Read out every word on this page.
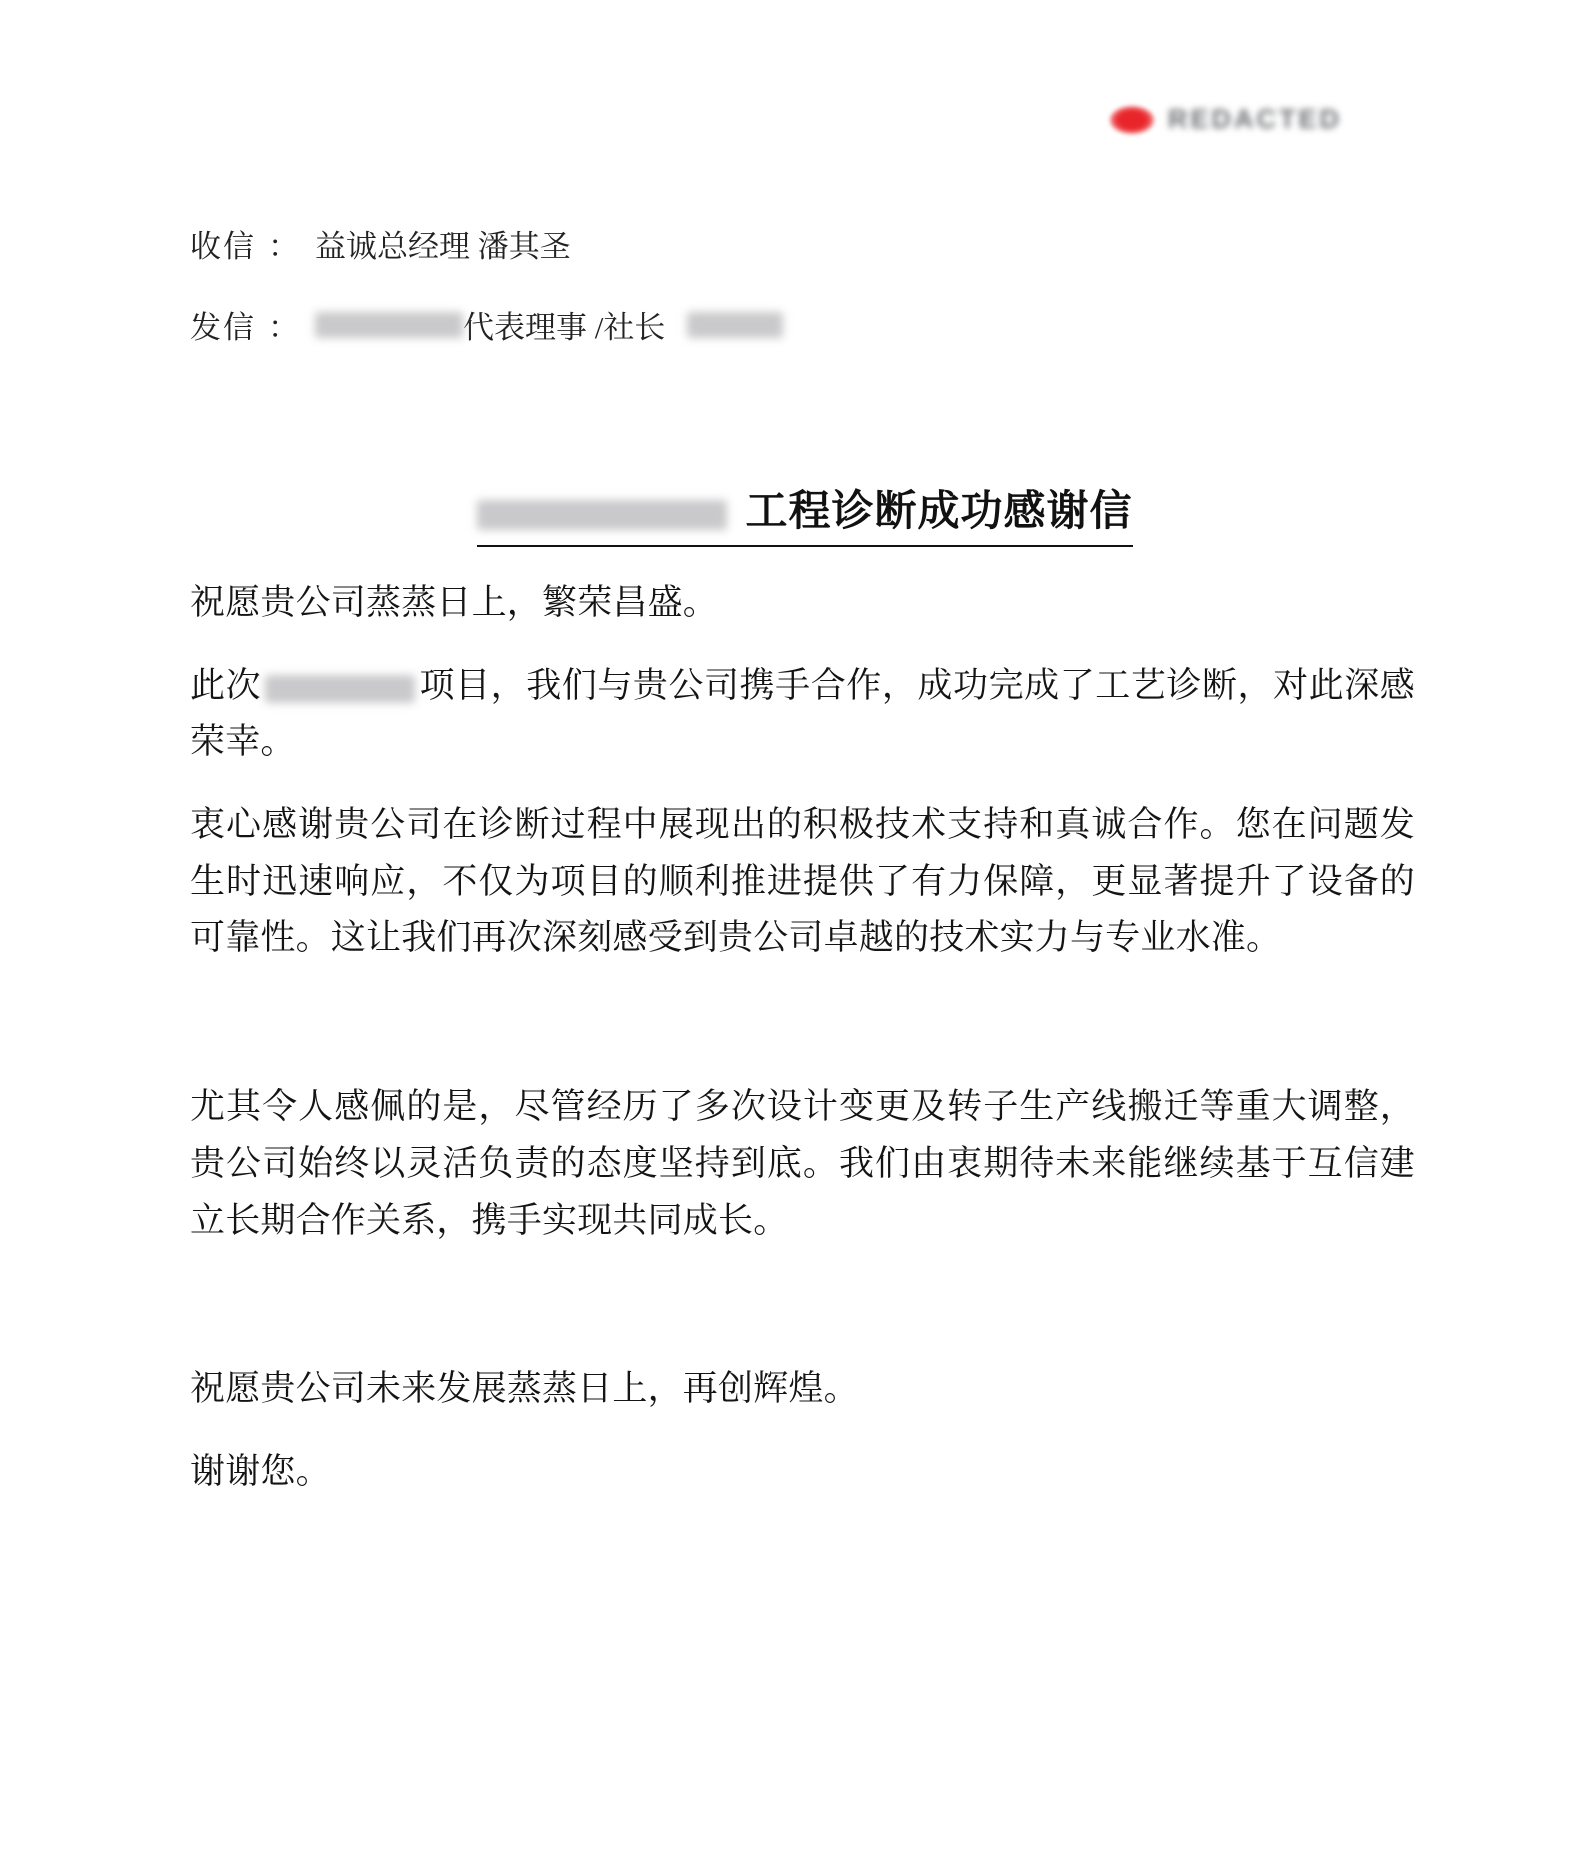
REDACTED
收信 ： 益诚总经理 潘其圣
发信 ：	代表理事 /社长
工程诊断成功感谢信

祝愿贵公司蒸蒸日上，繁荣昌盛。

此次	项目，我们与贵公司携手合作，成功完成了工艺诊断，对此深感荣幸。

衷心感谢贵公司在诊断过程中展现出的积极技术支持和真诚合作。您在问题发生时迅速响应，不仅为项目的顺利推进提供了有力保障，更显著提升了设备的可靠性。这让我们再次深刻感受到贵公司卓越的技术实力与专业水准。

尤其令人感佩的是，尽管经历了多次设计变更及转子生产线搬迁等重大调整，贵公司始终以灵活负责的态度坚持到底。我们由衷期待未来能继续基于互信建立长期合作关系，携手实现共同成长。

祝愿贵公司未来发展蒸蒸日上，再创辉煌。

谢谢您。
